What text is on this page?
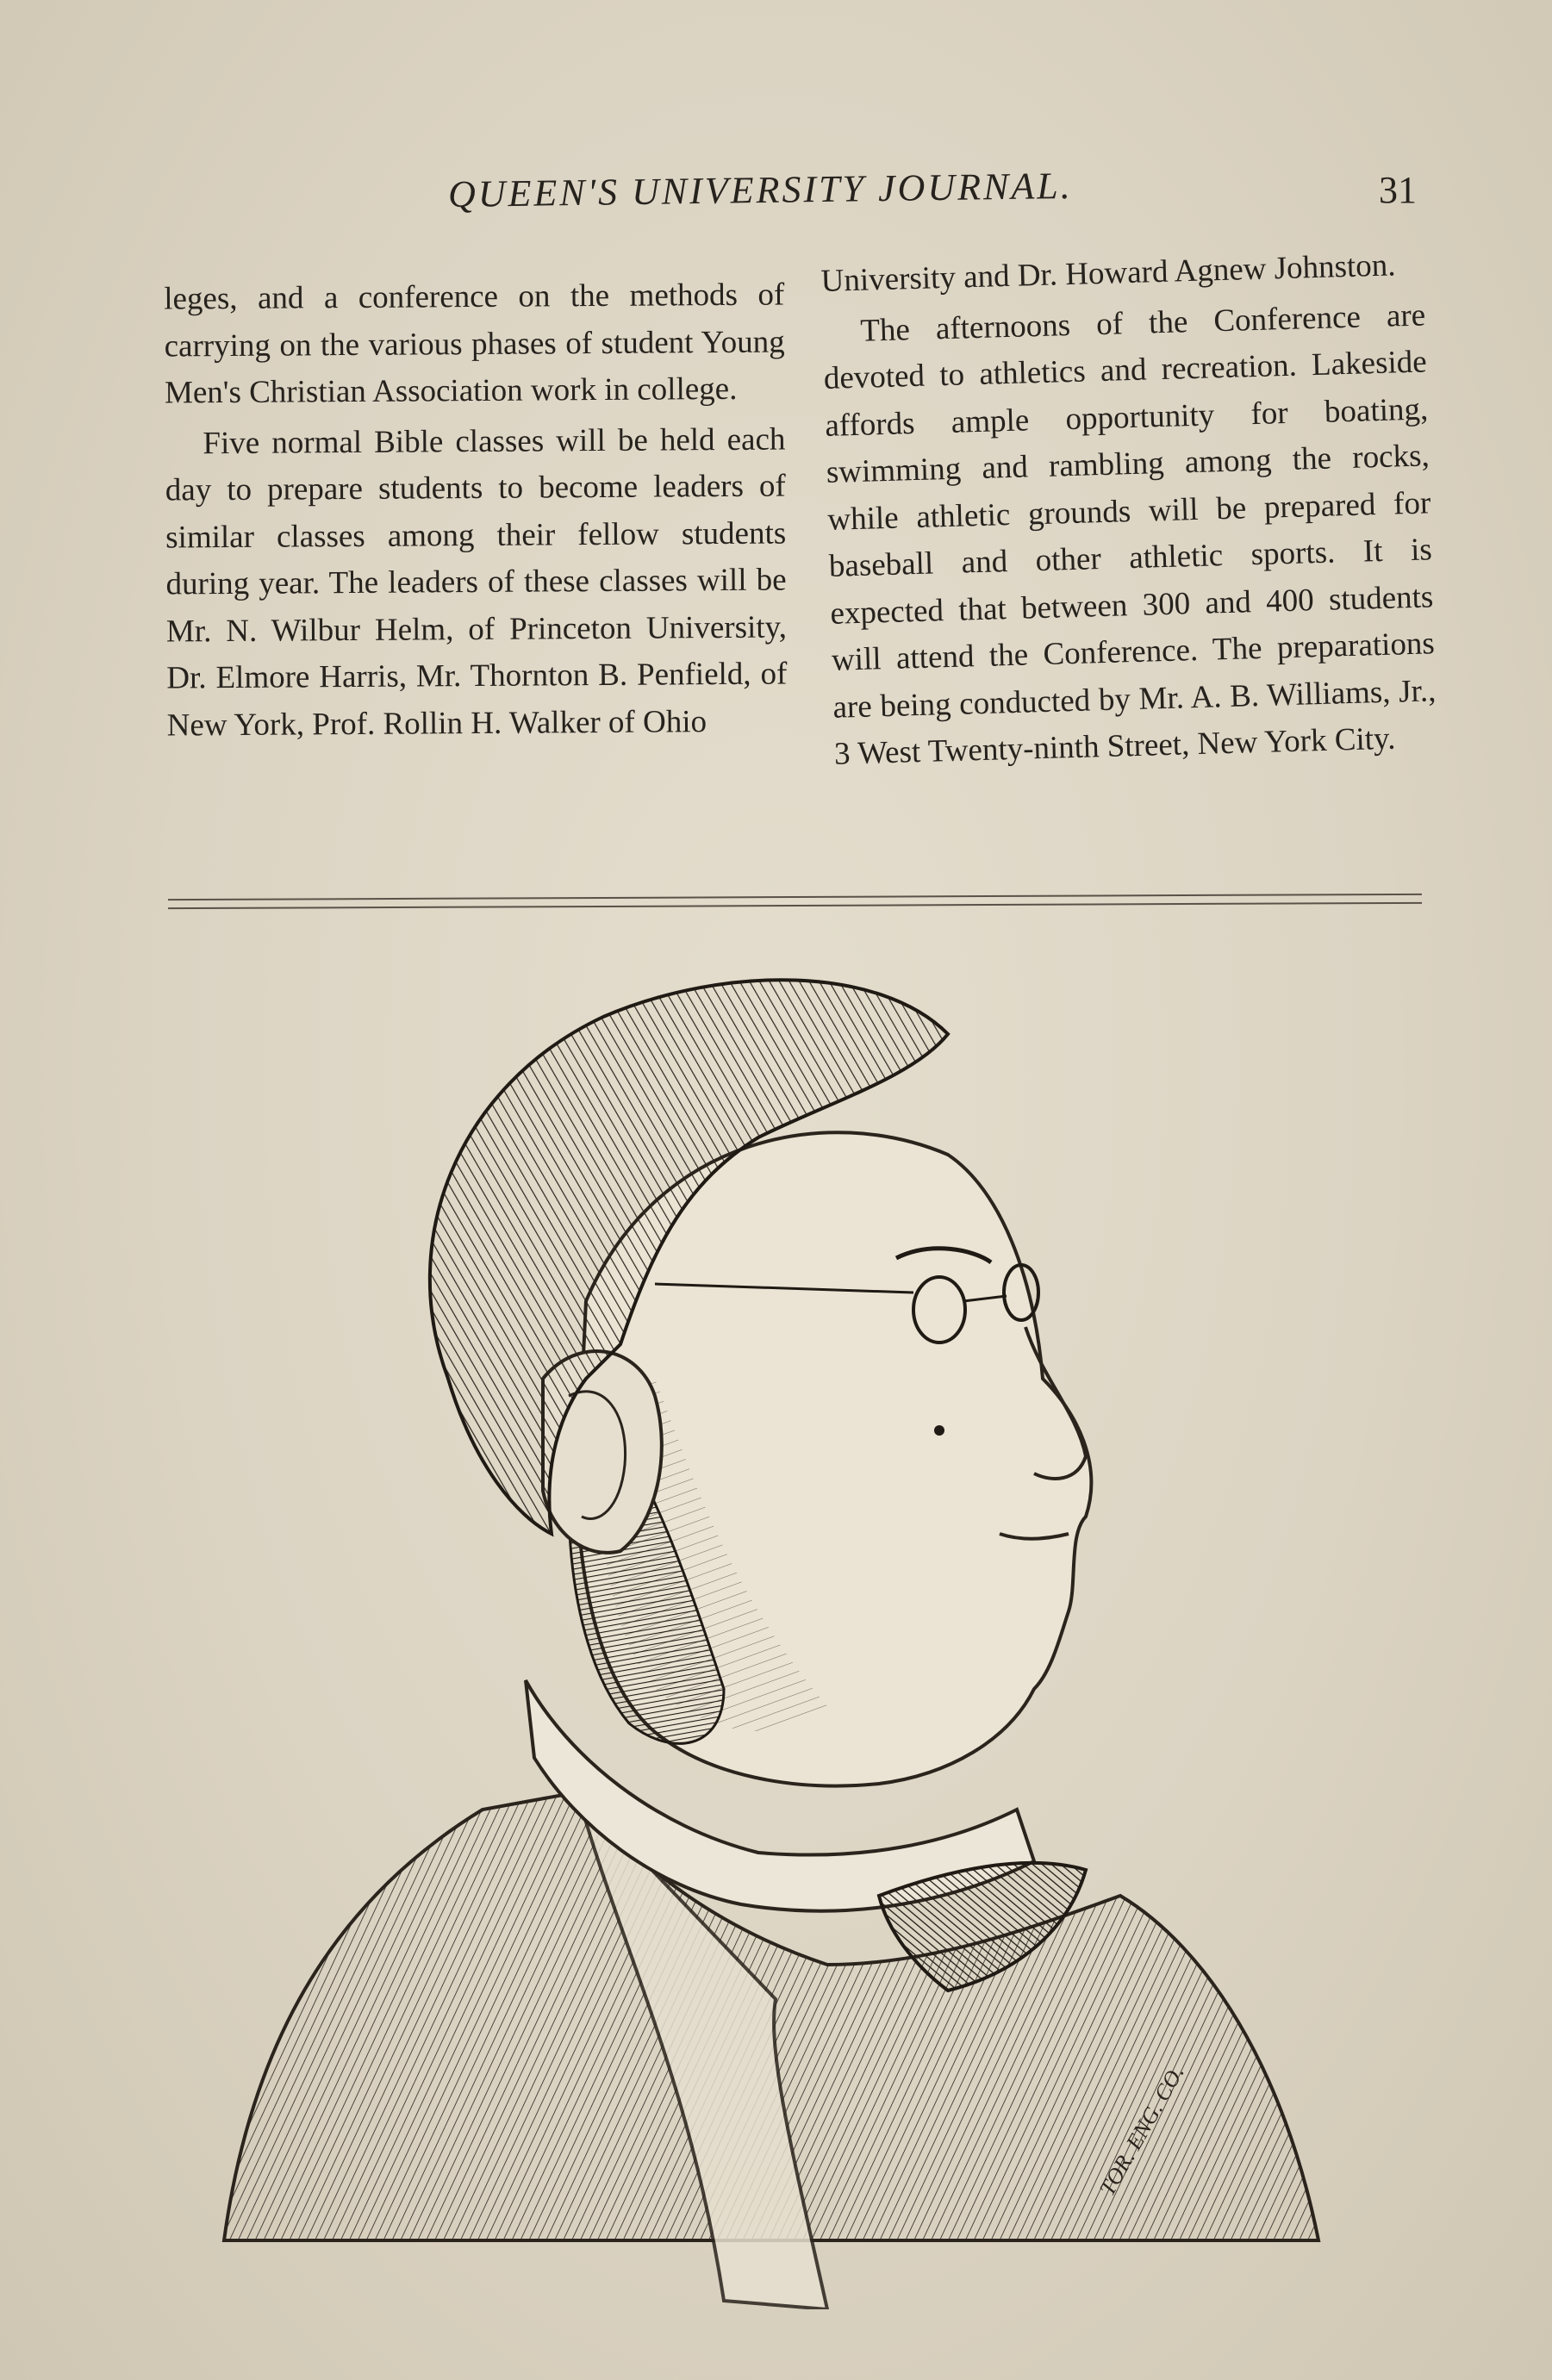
QUEEN'S UNIVERSITY JOURNAL.	31

leges, and a conference on the methods of carrying on the various phases of student Young Men's Christian Association work in college.

Five normal Bible classes will be held each day to prepare students to become leaders of similar classes among their fellow students during year. The leaders of these classes will be Mr. N. Wilbur Helm, of Princeton University, Dr. Elmore Harris, Mr. Thornton B. Penfield, of New York, Prof. Rollin H. Walker of Ohio

University and Dr. Howard Agnew Johnston.

The afternoons of the Conference are devoted to athletics and recreation. Lakeside affords ample opportunity for boating, swimming and rambling among the rocks, while athletic grounds will be prepared for baseball and other athletic sports. It is expected that between 300 and 400 students will attend the Conference. The preparations are being conducted by Mr. A. B. Williams, Jr., 3 West Twenty-ninth Street, New York City.

TOR. ENG. CO.
